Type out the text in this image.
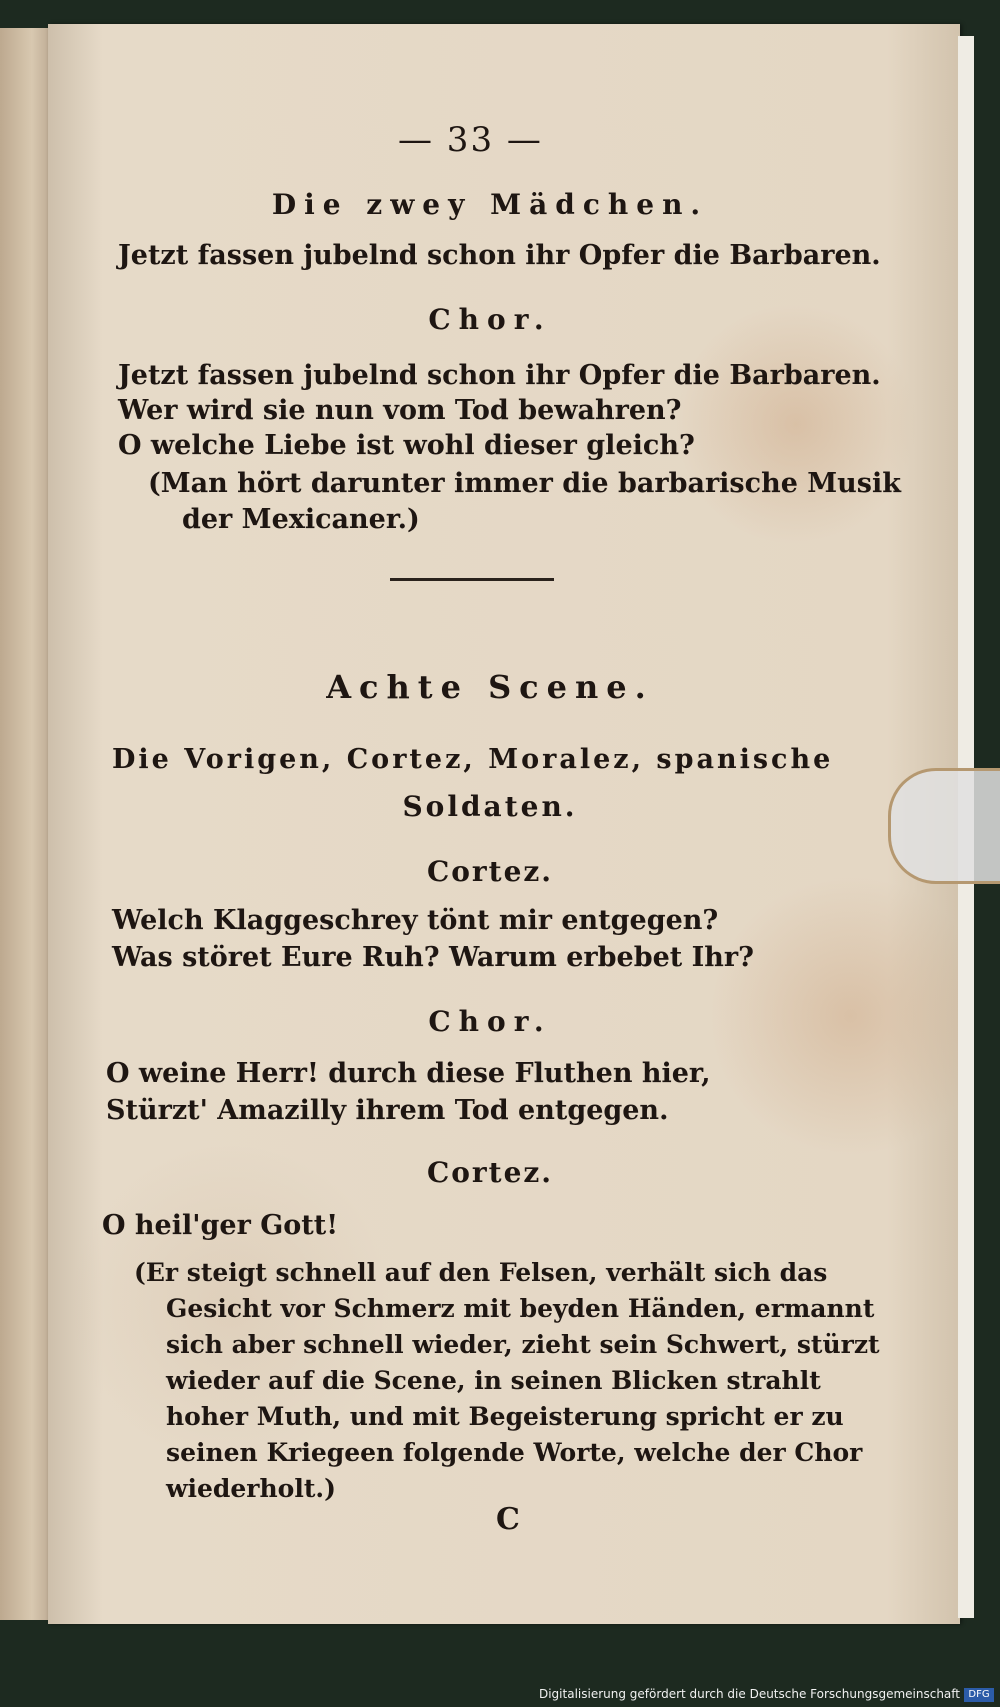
— 33 —
Die zwey Mädchen.
Jetzt fassen jubelnd schon ihr Opfer die Barbaren.
Chor.
Jetzt fassen jubelnd schon ihr Opfer die Barbaren.
Wer wird sie nun vom Tod bewahren?
O welche Liebe ist wohl dieser gleich?
(Man hört darunter immer die barbarische Musik
der Mexicaner.)
Achte Scene.
Die Vorigen, Cortez, Moralez, spanische
Soldaten.
Cortez.
Welch Klaggeschrey tönt mir entgegen?
Was störet Eure Ruh? Warum erbebet Ihr?
Chor.
O weine Herr! durch diese Fluthen hier,
Stürzt' Amazilly ihrem Tod entgegen.
Cortez.
O heil'ger Gott!
(Er steigt schnell auf den Felsen, verhält sich das
Gesicht vor Schmerz mit beyden Händen, ermannt
sich aber schnell wieder, zieht sein Schwert, stürzt
wieder auf die Scene, in seinen Blicken strahlt
hoher Muth, und mit Begeisterung spricht er zu
seinen Kriegeen folgende Worte, welche der Chor
wiederholt.)
C
Digitalisierung gefördert durch die Deutsche Forschungsgemeinschaft DFG
